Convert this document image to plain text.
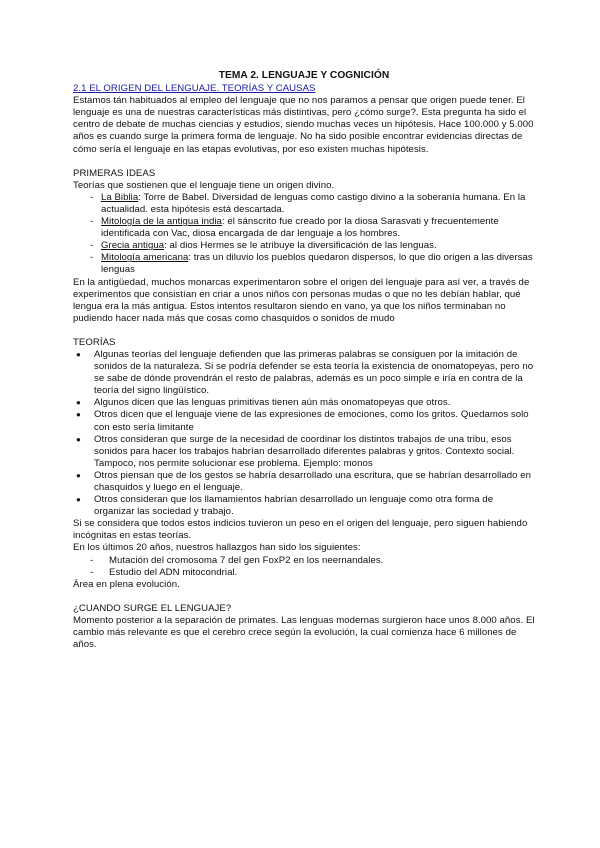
TEMA 2. LENGUAJE Y COGNICIÓN
2.1 EL ORIGEN DEL LENGUAJE. TEORÍAS Y CAUSAS

Estamos tán habituados al empleo del lenguaje que no nos paramos a pensar que origen puede tener. El lenguaje es una de nuestras características más distintivas, pero ¿cómo surge?. Esta pregunta ha sido el centro de debate de muchas ciencias y estudios, siendo muchas veces un hipótesis. Hace 100.000 y 5.000 años es cuando surge la primera forma de lenguaje. No ha sido posible encontrar evidencias directas de cómo sería el lenguaje en las etapas evolutivas, por eso existen muchas hipótesis.

PRIMERAS IDEAS

Teorías que sostienen que el lenguaje tiene un origen divino.

- La Biblia: Torre de Babel. Diversidad de lenguas como castigo divino a la soberanía humana. En la actualidad. esta hipótesis está descartada.
- Mitología de la antigua india: el sánscrito fue creado por la diosa Sarasvati y frecuentemente identificada con Vac, diosa encargada de dar lenguaje a los hombres.
- Grecia antigua: al dios Hermes se le atribuye la diversificación de las lenguas.
- Mitología americana: tras un diluvio los pueblos quedaron dispersos, lo que dio origen a las diversas lenguas

En la antigüedad, muchos monarcas experimentaron sobre el origen del lenguaje para así ver, a través de experimentos que consistían en criar a unos niños con personas mudas o que no les debían hablar, qué lengua era la más antigua. Estos intentos resultaron siendo en vano, ya que los niños terminaban no pudiendo hacer nada más que cosas como chasquidos o sonidos de mudo

TEORÍAS

● Algunas teorías del lenguaje defienden que las primeras palabras se consiguen por la imitación de sonidos de la naturaleza. Si se podría defender se esta teoría la existencia de onomatopeyas, pero no se sabe de dónde provendrán el resto de palabras, además es un poco simple e iría en contra de la teoría del signo lingüístico.
● Algunos dicen que las lenguas primitivas tienen aún más onomatopeyas que otros.
● Otros dicen que el lenguaje viene de las expresiones de emociones, como los gritos. Quedamos solo con esto sería limitante
● Otros consideran que surge de la necesidad de coordinar los distintos trabajos de una tribu, esos sonidos para hacer los trabajos habrían desarrollado diferentes palabras y gritos. Contexto social. Tampoco, nos permite solucionar ese problema. Ejemplo: monos
● Otros piensan que de los gestos se habría desarrollado una escritura, que se habrían desarrollado en chasquidos y luego en el lenguaje.
● Otros consideran que los llamamientos habrían desarrollado un lenguaje como otra forma de organizar las sociedad y trabajo.

Si se considera que todos estos indicios tuvieron un peso en el origen del lenguaje, pero siguen habiendo incógnitas en estas teorías.

En los últimos 20 años, nuestros hallazgos han sido los siguientes:

- Mutación del cromosoma 7 del gen FoxP2 en los neernandales.
- Estudio del ADN mitocondrial.

Área en plena evolución.

¿CUANDO SURGE EL LENGUAJE?

Momento posterior a la separación de primates. Las lenguas modernas surgieron hace unos 8.000 años. El cambio más relevante es que el cerebro crece según la evolución, la cual comienza hace 6 millones de años.
